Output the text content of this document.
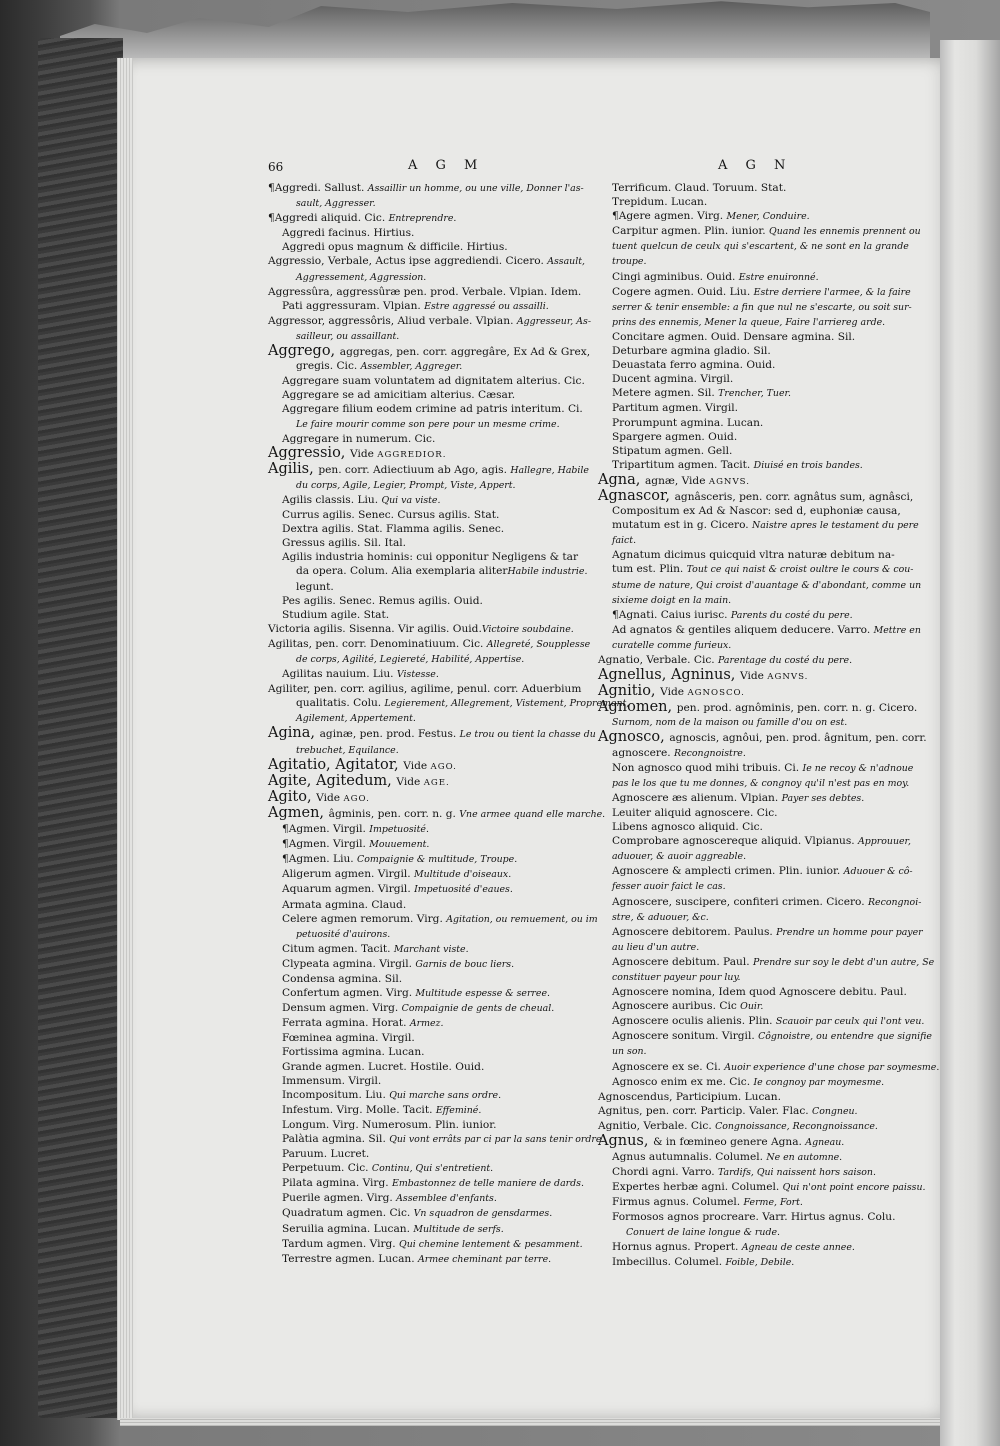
66	A G M	A G N
¶Aggredi. Sallust. Assaillir un homme, ou une ville, Donner l'as-
sault, Aggresser.
¶Aggredi aliquid. Cic. Entreprendre.
Aggredi facinus. Hirtius.
Aggredi opus magnum & difficile. Hirtius.
Aggressio, Verbale, Actus ipse aggrediendi. Cicero. Assault,
Aggressement, Aggression.
Aggressûra, aggressûræ pen. prod. Verbale. Vlpian. Idem.
Pati aggressuram. Vlpian. Estre aggressé ou assailli.
Aggressor, aggressôris, Aliud verbale. Vlpian. Aggresseur, As-
sailleur, ou assaillant.
Aggrego, aggregas, pen. corr. aggregâre, Ex Ad & Grex,
gregis. Cic. Assembler, Aggreger.
Aggregare suam voluntatem ad dignitatem alterius. Cic.
Aggregare se ad amicitiam alterius. Cæsar.
Aggregare filium eodem crimine ad patris interitum. Ci.
Le faire mourir comme son pere pour un mesme crime.
Aggregare in numerum. Cic.
Aggressio, Vide AGGREDIOR.
Agilis, pen. corr. Adiectiuum ab Ago, agis. Hallegre, Habile
du corps, Agile, Legier, Prompt, Viste, Appert.
Agilis classis. Liu. Qui va viste.
Currus agilis. Senec. Cursus agilis. Stat.
Dextra agilis. Stat. Flamma agilis. Senec.
Gressus agilis. Sil. Ital.
Agilis industria hominis: cui opponitur Negligens & tar
da opera. Colum. Alia exemplaria aliterHabile industrie.
legunt.
Pes agilis. Senec. Remus agilis. Ouid.
Studium agile. Stat.
Victoria agilis. Sisenna. Vir agilis. Ouid.Victoire soubdaine.
Agilitas, pen. corr. Denominatiuum. Cic. Allegreté, Soupplesse
de corps, Agilité, Legiereté, Habilité, Appertise.
Agilitas nauium. Liu. Vistesse.
Agiliter, pen. corr. agilius, agilime, penul. corr. Aduerbium
qualitatis. Colu. Legierement, Allegrement, Vistement, Proprement,
Agilement, Appertement.
Agina, aginæ, pen. prod. Festus. Le trou ou tient la chasse du
trebuchet, Equilance.
Agitatio, Agitator, Vide AGO.
Agite, Agitedum, Vide AGE.
Agito, Vide AGO.
Agmen, âgminis, pen. corr. n. g. Vne armee quand elle marche.
¶Agmen. Virgil. Impetuosité.
¶Agmen. Virgil. Mouuement.
¶Agmen. Liu. Compaignie & multitude, Troupe.
Aligerum agmen. Virgil. Multitude d'oiseaux.
Aquarum agmen. Virgil. Impetuosité d'eaues.
Armata agmina. Claud.
Celere agmen remorum. Virg. Agitation, ou remuement, ou im
petuosité d'auirons.
Citum agmen. Tacit. Marchant viste.
Clypeata agmina. Virgil. Garnis de bouc liers.
Condensa agmina. Sil.
Confertum agmen. Virg. Multitude espesse & serree.
Densum agmen. Virg. Compaignie de gents de cheual.
Ferrata agmina. Horat. Armez.
Fœminea agmina. Virgil.
Fortissima agmina. Lucan.
Grande agmen. Lucret. Hostile. Ouid.
Immensum. Virgil.
Incompositum. Liu. Qui marche sans ordre.
Infestum. Virg. Molle. Tacit. Effeminé.
Longum. Virg. Numerosum. Plin. iunior.
Palàtia agmina. Sil. Qui vont errâts par ci par la sans tenir ordre.
Paruum. Lucret.
Perpetuum. Cic. Continu, Qui s'entretient.
Pilata agmina. Virg. Embastonnez de telle maniere de dards.
Puerile agmen. Virg. Assemblee d'enfants.
Quadratum agmen. Cic. Vn squadron de gensdarmes.
Seruilia agmina. Lucan. Multitude de serfs.
Tardum agmen. Virg. Qui chemine lentement & pesamment.
Terrestre agmen. Lucan. Armee cheminant par terre.
Terrificum. Claud. Toruum. Stat.
Trepidum. Lucan.
¶Agere agmen. Virg. Mener, Conduire.
Carpitur agmen. Plin. iunior. Quand les ennemis prennent ou
tuent quelcun de ceulx qui s'escartent, & ne sont en la grande
troupe.
Cingi agminibus. Ouid. Estre enuironné.
Cogere agmen. Ouid. Liu. Estre derriere l'armee, & la faire
serrer & tenir ensemble: a fin que nul ne s'escarte, ou soit sur-
prins des ennemis, Mener la queue, Faire l'arriereg arde.
Concitare agmen. Ouid. Densare agmina. Sil.
Deturbare agmina gladio. Sil.
Deuastata ferro agmina. Ouid.
Ducent agmina. Virgil.
Metere agmen. Sil. Trencher, Tuer.
Partitum agmen. Virgil.
Prorumpunt agmina. Lucan.
Spargere agmen. Ouid.
Stipatum agmen. Gell.
Tripartitum agmen. Tacit. Diuisé en trois bandes.
Agna, agnæ, Vide AGNVS.
Agnascor, agnâsceris, pen. corr. agnâtus sum, agnâsci,
Compositum ex Ad & Nascor: sed d, euphoniæ causa,
mutatum est in g. Cicero. Naistre apres le testament du pere
faict.
Agnatum dicimus quicquid vltra naturæ debitum na-
tum est. Plin. Tout ce qui naist & croist oultre le cours & cou-
stume de nature, Qui croist d'auantage & d'abondant, comme un
sixieme doigt en la main.
¶Agnati. Caius iurisc. Parents du costé du pere.
Ad agnatos & gentiles aliquem deducere. Varro. Mettre en
curatelle comme furieux.
Agnatio, Verbale. Cic. Parentage du costé du pere.
Agnellus, Agninus, Vide AGNVS.
Agnitio, Vide AGNOSCO.
Agnomen, pen. prod. agnôminis, pen. corr. n. g. Cicero.
Surnom, nom de la maison ou famille d'ou on est.
Agnosco, agnoscis, agnôui, pen. prod. âgnitum, pen. corr.
agnoscere. Recongnoistre.
Non agnosco quod mihi tribuis. Ci. Ie ne recoy & n'adnoue
pas le los que tu me donnes, & congnoy qu'il n'est pas en moy.
Agnoscere æs alienum. Vlpian. Payer ses debtes.
Leuiter aliquid agnoscere. Cic.
Libens agnosco aliquid. Cic.
Comprobare agnoscereque aliquid. Vlpianus. Approuuer,
aduouer, & auoir aggreable.
Agnoscere & amplecti crimen. Plin. iunior. Aduouer & cô-
fesser auoir faict le cas.
Agnoscere, suscipere, confiteri crimen. Cicero. Recongnoi-
stre, & aduouer, &c.
Agnoscere debitorem. Paulus. Prendre un homme pour payer
au lieu d'un autre.
Agnoscere debitum. Paul. Prendre sur soy le debt d'un autre, Se
constituer payeur pour luy.
Agnoscere nomina, Idem quod Agnoscere debitu. Paul.
Agnoscere auribus. Cic Ouir.
Agnoscere oculis alienis. Plin. Scauoir par ceulx qui l'ont veu.
Agnoscere sonitum. Virgil. Côgnoistre, ou entendre que signifie
un son.
Agnoscere ex se. Ci. Auoir experience d'une chose par soymesme.
Agnosco enim ex me. Cic. Ie congnoy par moymesme.
Agnoscendus, Participium. Lucan.
Agnitus, pen. corr. Particip. Valer. Flac. Congneu.
Agnitio, Verbale. Cic. Congnoissance, Recongnoissance.
Agnus, & in fœmineo genere Agna. Agneau.
Agnus autumnalis. Columel. Ne en automne.
Chordi agni. Varro. Tardifs, Qui naissent hors saison.
Expertes herbæ agni. Columel. Qui n'ont point encore paissu.
Firmus agnus. Columel. Ferme, Fort.
Formosos agnos procreare. Varr. Hirtus agnus. Colu.
Conuert de laine longue & rude.
Hornus agnus. Propert. Agneau de ceste annee.
Imbecillus. Columel. Foible, Debile.
